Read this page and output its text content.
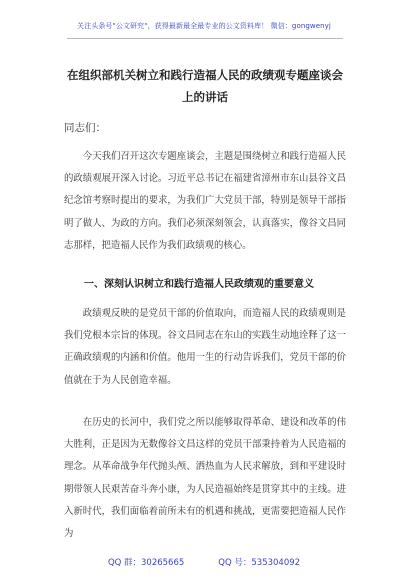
关注头条号"公文研究"，获得最新最全最专业的公文资料库！ 微信：gongwenyj
在组织部机关树立和践行造福人民的政绩观专题座谈会上的讲话
同志们：

今天我们召开这次专题座谈会，主题是围绕树立和践行造福人民的政绩观展开深入讨论。习近平总书记在福建省漳州市东山县谷文昌纪念馆考察时提出的要求，为我们广大党员干部，特别是领导干部指明了做人、为政的方向。我们必须深刻领会，认真落实，像谷文昌同志那样，把造福人民作为我们政绩观的核心。

一、深刻认识树立和践行造福人民政绩观的重要意义

政绩观反映的是党员干部的价值取向，而造福人民的政绩观则是我们党根本宗旨的体现。谷文昌同志在东山的实践生动地诠释了这一正确政绩观的内涵和价值。他用一生的行动告诉我们，党员干部的价值就在于为人民创造幸福。

在历史的长河中，我们党之所以能够取得革命、建设和改革的伟大胜利，正是因为无数像谷文昌这样的党员干部秉持着为人民造福的理念。从革命战争年代抛头颅、洒热血为人民求解放，到和平建设时期带领人民艰苦奋斗奔小康，为人民造福始终是贯穿其中的主线。进入新时代，我们面临着前所未有的机遇和挑战，更需要把造福人民作为

QQ 群：30265665	QQ 号：535304092
